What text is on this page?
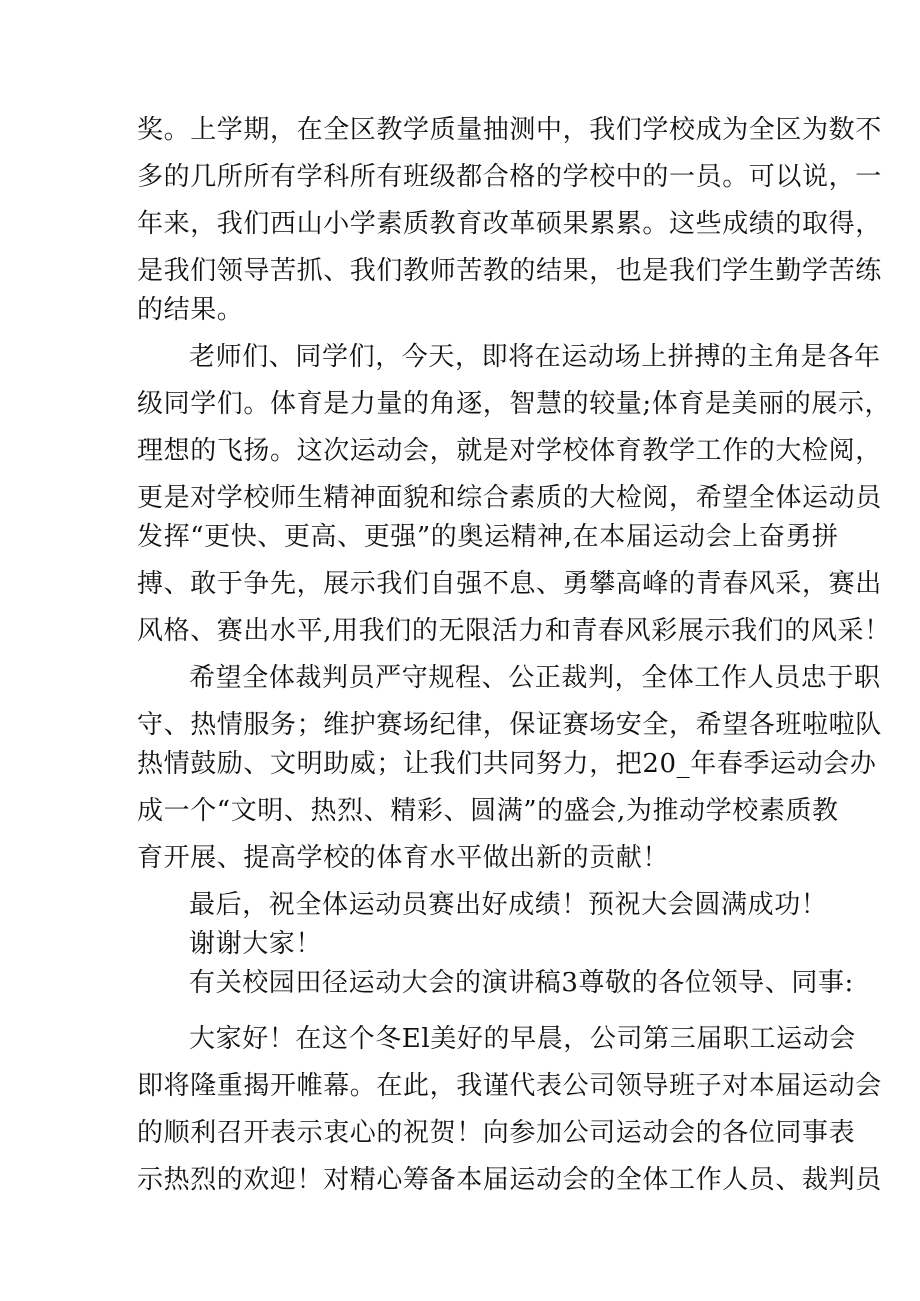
奖。上学期，在全区教学质量抽测中，我们学校成为全区为数不
多的几所所有学科所有班级都合格的学校中的一员。可以说，一
年来，我们西山小学素质教育改革硕果累累。这些成绩的取得，
是我们领导苦抓、我们教师苦教的结果，也是我们学生勤学苦练
的结果。
老师们、同学们，今天，即将在运动场上拼搏的主角是各年
级同学们。体育是力量的角逐，智慧的较量;体育是美丽的展示，
理想的飞扬。这次运动会，就是对学校体育教学工作的大检阅，
更是对学校师生精神面貌和综合素质的大检阅，希望全体运动员
发挥“更快、更高、更强”的奥运精神,在本届运动会上奋勇拼
搏、敢于争先，展示我们自强不息、勇攀高峰的青春风采，赛出
风格、赛出水平,用我们的无限活力和青春风彩展示我们的风采！
希望全体裁判员严守规程、公正裁判，全体工作人员忠于职
守、热情服务；维护赛场纪律，保证赛场安全，希望各班啦啦队
热情鼓励、文明助威；让我们共同努力，把20_年春季运动会办
成一个“文明、热烈、精彩、圆满”的盛会,为推动学校素质教
育开展、提高学校的体育水平做出新的贡献！
最后，祝全体运动员赛出好成绩！预祝大会圆满成功！
谢谢大家！
有关校园田径运动大会的演讲稿3尊敬的各位领导、同事:
大家好！在这个冬El美好的早晨，公司第三届职工运动会
即将隆重揭开帷幕。在此，我谨代表公司领导班子对本届运动会
的顺利召开表示衷心的祝贺！向参加公司运动会的各位同事表
示热烈的欢迎！对精心筹备本届运动会的全体工作人员、裁判员
